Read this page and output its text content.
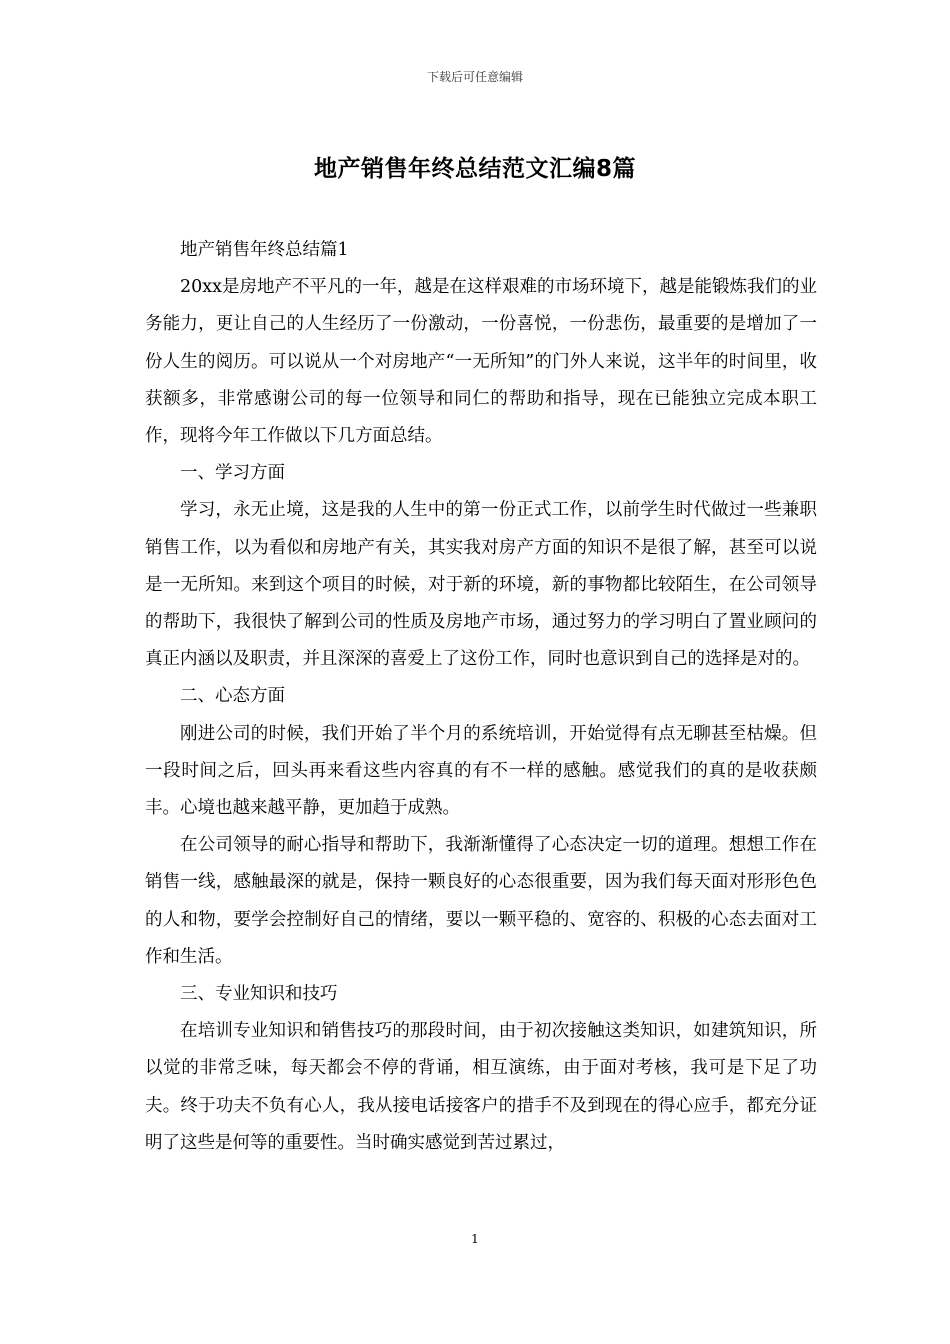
下载后可任意编辑
地产销售年终总结范文汇编8篇

地产销售年终总结篇1

20xx是房地产不平凡的一年，越是在这样艰难的市场环境下，越是能锻炼我们的业务能力，更让自己的人生经历了一份激动，一份喜悦，一份悲伤，最重要的是增加了一份人生的阅历。可以说从一个对房地产“一无所知”的门外人来说，这半年的时间里，收获额多，非常感谢公司的每一位领导和同仁的帮助和指导，现在已能独立完成本职工作，现将今年工作做以下几方面总结。

一、学习方面

学习，永无止境，这是我的人生中的第一份正式工作，以前学生时代做过一些兼职销售工作，以为看似和房地产有关，其实我对房产方面的知识不是很了解，甚至可以说是一无所知。来到这个项目的时候，对于新的环境，新的事物都比较陌生，在公司领导的帮助下，我很快了解到公司的性质及房地产市场，通过努力的学习明白了置业顾问的真正内涵以及职责，并且深深的喜爱上了这份工作，同时也意识到自己的选择是对的。

二、心态方面

刚进公司的时候，我们开始了半个月的系统培训，开始觉得有点无聊甚至枯燥。但一段时间之后，回头再来看这些内容真的有不一样的感触。感觉我们的真的是收获颇丰。心境也越来越平静，更加趋于成熟。

在公司领导的耐心指导和帮助下，我渐渐懂得了心态决定一切的道理。想想工作在销售一线，感触最深的就是，保持一颗良好的心态很重要，因为我们每天面对形形色色的人和物，要学会控制好自己的情绪，要以一颗平稳的、宽容的、积极的心态去面对工作和生活。

三、专业知识和技巧

在培训专业知识和销售技巧的那段时间，由于初次接触这类知识，如建筑知识，所以觉的非常乏味，每天都会不停的背诵，相互演练，由于面对考核，我可是下足了功夫。终于功夫不负有心人，我从接电话接客户的措手不及到现在的得心应手，都充分证明了这些是何等的重要性。当时确实感觉到苦过累过，

1
